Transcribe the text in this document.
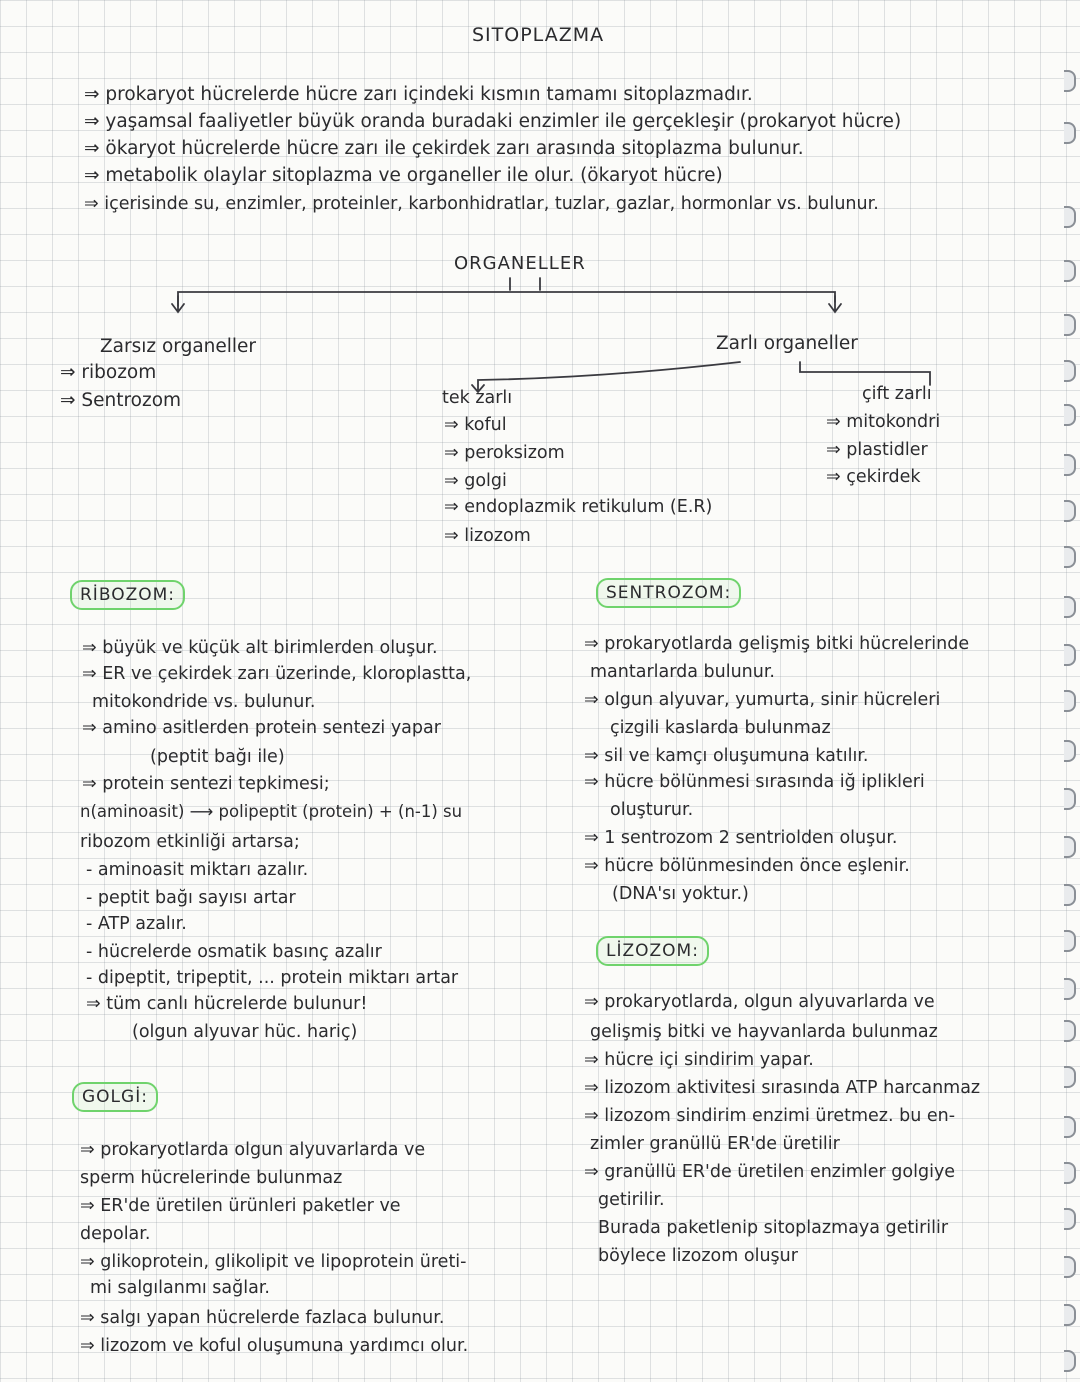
SITOPLAZMA
⇒ prokaryot hücrelerde hücre zarı içindeki kısmın tamamı sitoplazmadır.
⇒ yaşamsal faaliyetler büyük oranda buradaki enzimler ile gerçekleşir (prokaryot hücre)
⇒ ökaryot hücrelerde hücre zarı ile çekirdek zarı arasında sitoplazma bulunur.
⇒ metabolik olaylar sitoplazma ve organeller ile olur. (ökaryot hücre)
⇒ içerisinde su, enzimler, proteinler, karbonhidratlar, tuzlar, gazlar, hormonlar vs. bulunur.
ORGANELLER
Zarsız organeller
⇒ ribozom
⇒ Sentrozom
Zarlı organeller
tek zarlı
⇒ koful
⇒ peroksizom
⇒ golgi
⇒ endoplazmik retikulum (E.R)
⇒ lizozom
çift zarlı
⇒ mitokondri
⇒ plastidler
⇒ çekirdek
RİBOZOM:
⇒ büyük ve küçük alt birimlerden oluşur.
⇒ ER ve çekirdek zarı üzerinde, kloroplastta,
mitokondride vs. bulunur.
⇒ amino asitlerden protein sentezi yapar
(peptit bağı ile)
⇒ protein sentezi tepkimesi;
n(aminoasit) ⟶ polipeptit (protein) + (n-1) su
ribozom etkinliği artarsa;
- aminoasit miktarı azalır.
- peptit bağı sayısı artar
- ATP azalır.
- hücrelerde osmatik basınç azalır
- dipeptit, tripeptit, ... protein miktarı artar
⇒ tüm canlı hücrelerde bulunur!
(olgun alyuvar hüc. hariç)
GOLGİ:
⇒ prokaryotlarda olgun alyuvarlarda ve
sperm hücrelerinde bulunmaz
⇒ ER'de üretilen ürünleri paketler ve
depolar.
⇒ glikoprotein, glikolipit ve lipoprotein üreti-
mi salgılanmı sağlar.
⇒ salgı yapan hücrelerde fazlaca bulunur.
⇒ lizozom ve koful oluşumuna yardımcı olur.
SENTROZOM:
⇒ prokaryotlarda gelişmiş bitki hücrelerinde
mantarlarda bulunur.
⇒ olgun alyuvar, yumurta, sinir hücreleri
çizgili kaslarda bulunmaz
⇒ sil ve kamçı oluşumuna katılır.
⇒ hücre bölünmesi sırasında iğ iplikleri
oluşturur.
⇒ 1 sentrozom 2 sentriolden oluşur.
⇒ hücre bölünmesinden önce eşlenir.
(DNA'sı yoktur.)
LİZOZOM:
⇒ prokaryotlarda, olgun alyuvarlarda ve
gelişmiş bitki ve hayvanlarda bulunmaz
⇒ hücre içi sindirim yapar.
⇒ lizozom aktivitesi sırasında ATP harcanmaz
⇒ lizozom sindirim enzimi üretmez. bu en-
zimler granüllü ER'de üretilir
⇒ granüllü ER'de üretilen enzimler golgiye
getirilir.
Burada paketlenip sitoplazmaya getirilir
böylece lizozom oluşur
